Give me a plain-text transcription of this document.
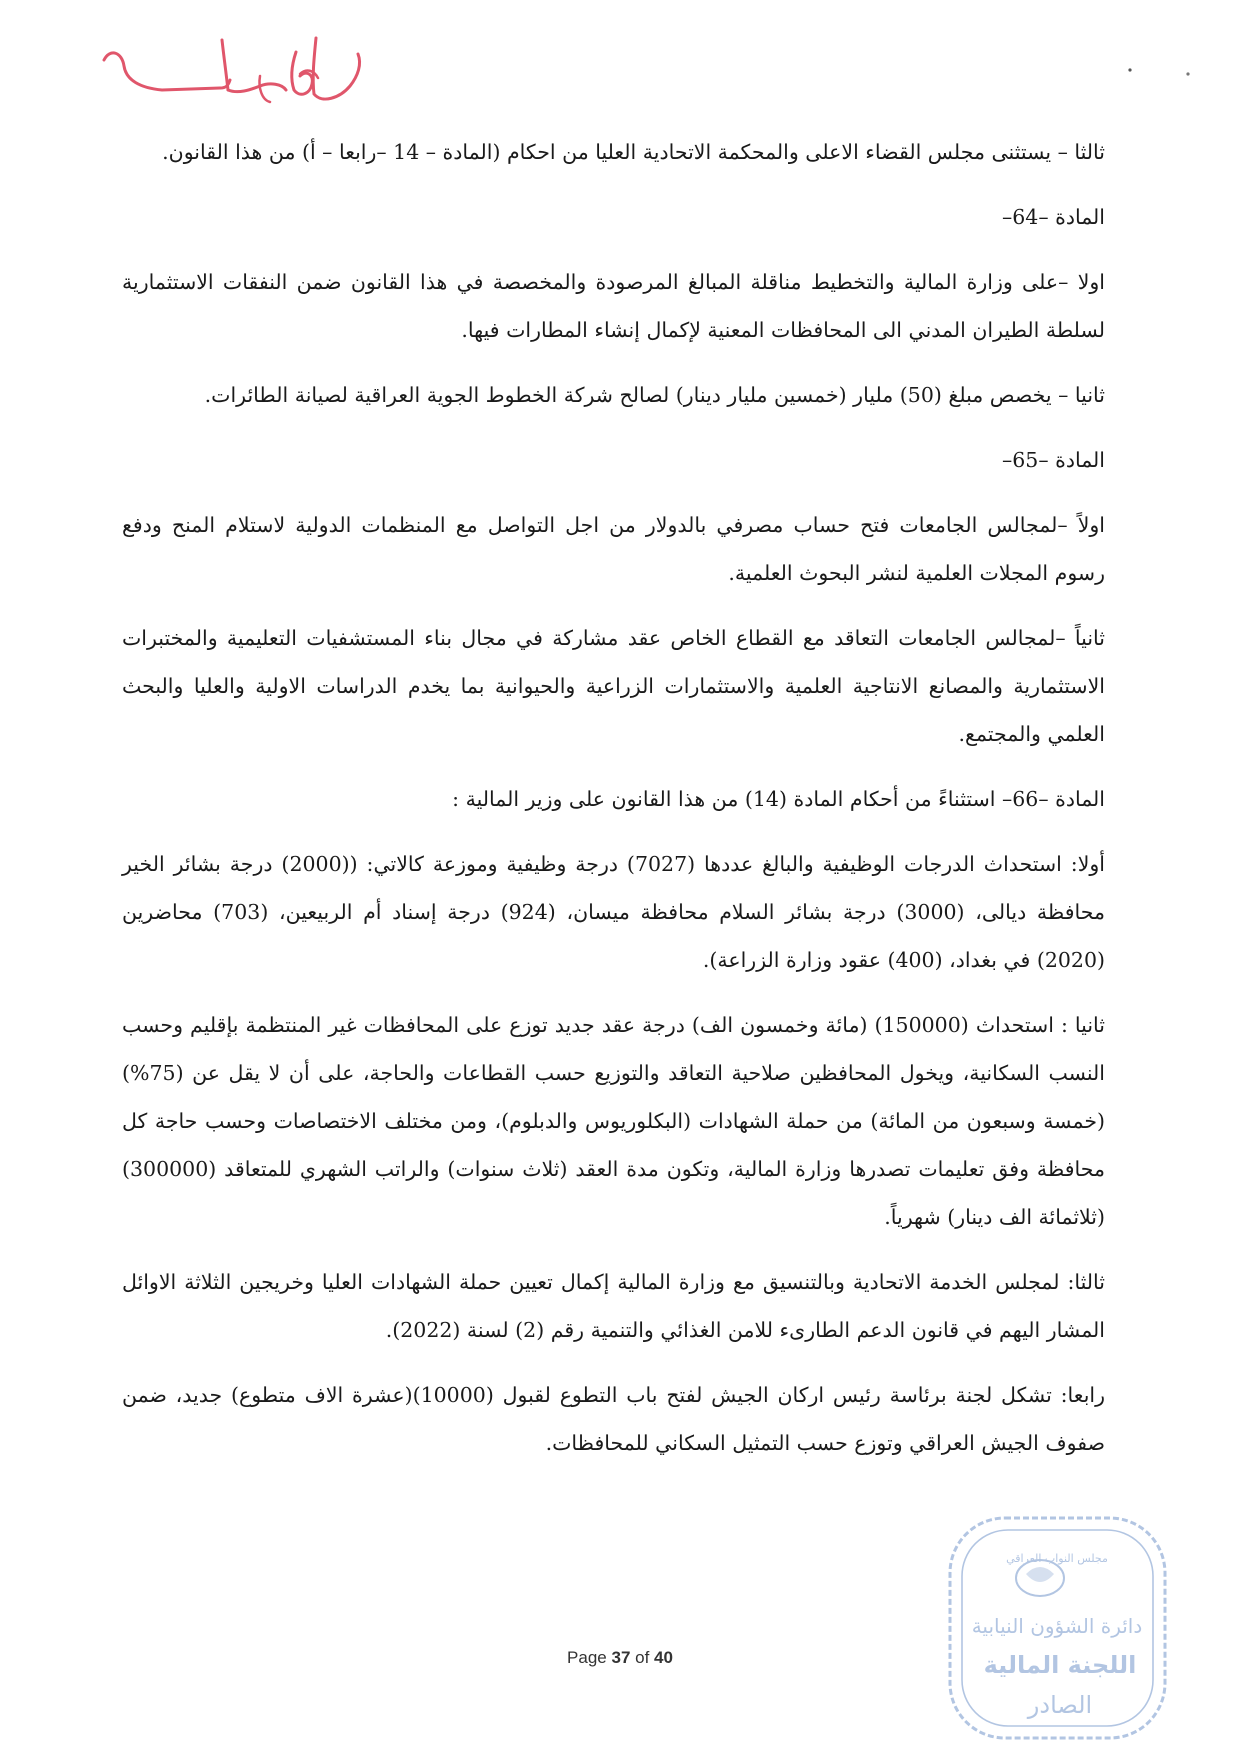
ثالثا – يستثنى مجلس القضاء الاعلى والمحكمة الاتحادية العليا من احكام (المادة – 14 –رابعا – أ) من هذا القانون.

المادة –64–

اولا –على وزارة المالية والتخطيط مناقلة المبالغ المرصودة والمخصصة في هذا القانون ضمن النفقات الاستثمارية لسلطة الطيران المدني الى المحافظات المعنية لإكمال إنشاء المطارات فيها.

ثانيا – يخصص مبلغ (50) مليار (خمسين مليار دينار) لصالح شركة الخطوط الجوية العراقية لصيانة الطائرات.

المادة –65–

اولاً –لمجالس الجامعات فتح حساب مصرفي بالدولار من اجل التواصل مع المنظمات الدولية لاستلام المنح ودفع رسوم المجلات العلمية لنشر البحوث العلمية.

ثانياً –لمجالس الجامعات التعاقد مع القطاع الخاص عقد مشاركة في مجال بناء المستشفيات التعليمية والمختبرات الاستثمارية والمصانع الانتاجية العلمية والاستثمارات الزراعية والحيوانية بما يخدم الدراسات الاولية والعليا والبحث العلمي والمجتمع.

المادة –66– استثناءً من أحكام المادة (14) من هذا القانون على وزير المالية :

أولا: استحداث الدرجات الوظيفية والبالغ عددها (7027) درجة وظيفية وموزعة كالاتي: ((2000) درجة بشائر الخير محافظة ديالى، (3000) درجة بشائر السلام محافظة ميسان، (924) درجة إسناد أم الربيعين، (703) محاضرين (2020) في بغداد، (400) عقود وزارة الزراعة).

ثانيا : استحداث (150000) (مائة وخمسون الف) درجة عقد جديد توزع على المحافظات غير المنتظمة بإقليم وحسب النسب السكانية، ويخول المحافظين صلاحية التعاقد والتوزيع حسب القطاعات والحاجة، على أن لا يقل عن (75%) (خمسة وسبعون من المائة) من حملة الشهادات (البكلوريوس والدبلوم)، ومن مختلف الاختصاصات وحسب حاجة كل محافظة وفق تعليمات تصدرها وزارة المالية، وتكون مدة العقد (ثلاث سنوات) والراتب الشهري للمتعاقد (300000) (ثلاثمائة الف دينار) شهرياً.

ثالثا: لمجلس الخدمة الاتحادية وبالتنسيق مع وزارة المالية إكمال تعيين حملة الشهادات العليا وخريجين الثلاثة الاوائل المشار اليهم في قانون الدعم الطارىء للامن الغذائي والتنمية رقم (2) لسنة (2022).

رابعا: تشكل لجنة برئاسة رئيس اركان الجيش لفتح باب التطوع لقبول (10000)(عشرة الاف متطوع) جديد، ضمن صفوف الجيش العراقي وتوزع حسب التمثيل السكاني للمحافظات.

مجلس النواب العراقي
دائرة الشؤون النيابية
اللجنة المالية
الصادر
Page 37 of 40
